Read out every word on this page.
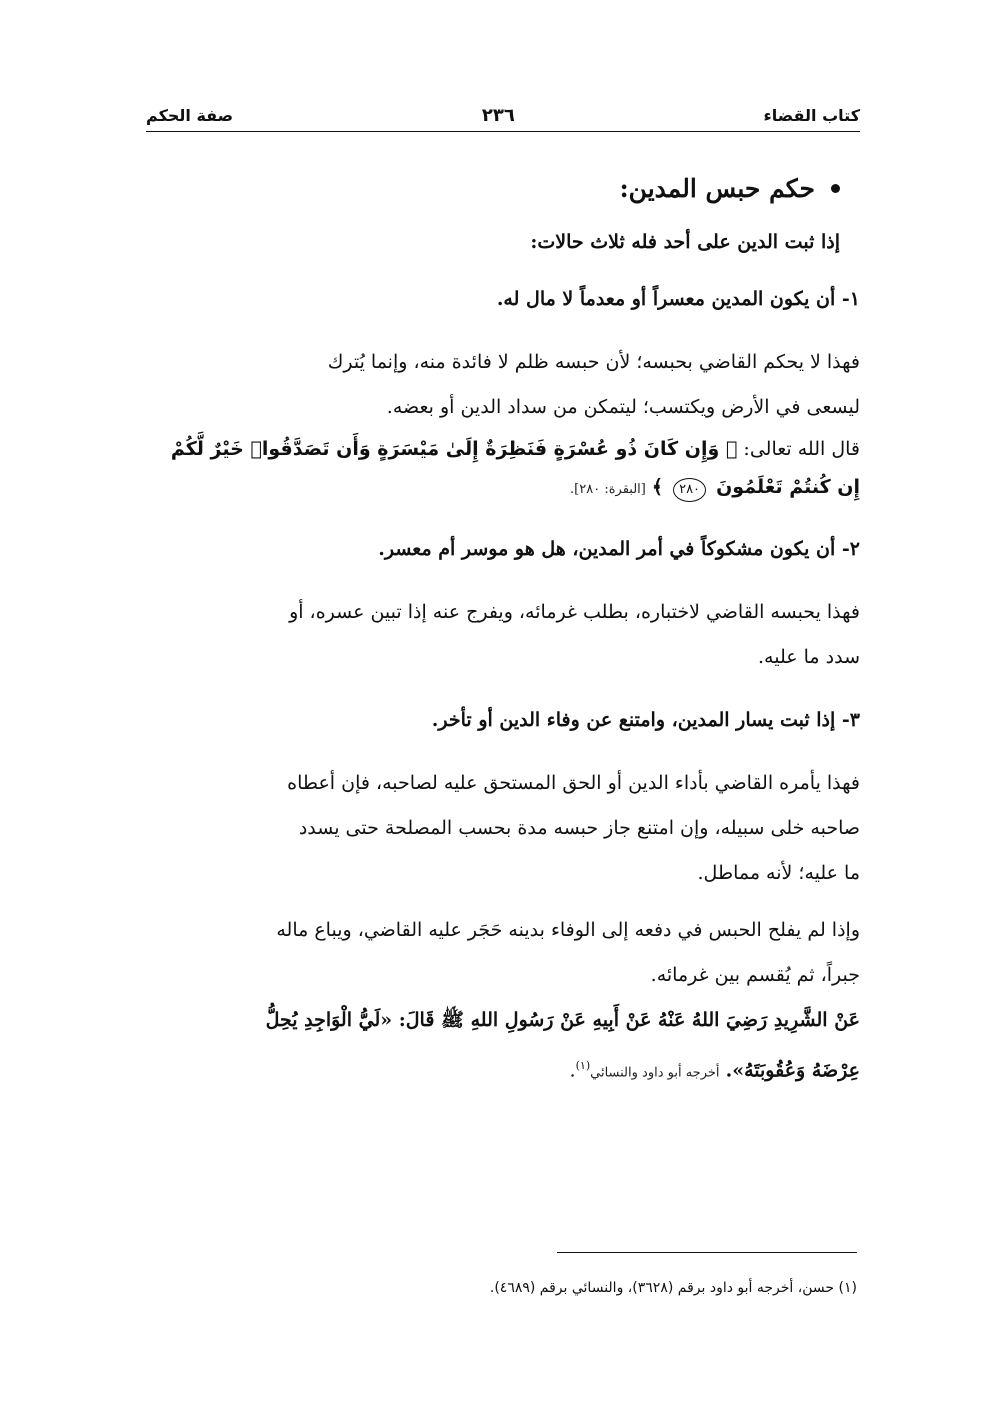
كتاب القضاء
٢٣٦
صفة الحكم
حكم حبس المدين:

إذا ثبت الدين على أحد فله ثلاث حالات:

١- أن يكون المدين معسراً أو معدماً لا مال له.

فهذا لا يحكم القاضي بحبسه؛ لأن حبسه ظلم لا فائدة منه، وإنما يُترك

ليسعى في الأرض ويكتسب؛ ليتمكن من سداد الدين أو بعضه.

قال الله تعالى: ﴿ وَإِن كَانَ ذُو عُسْرَةٍ فَنَظِرَةٌ إِلَىٰ مَيْسَرَةٍ وَأَن تَصَدَّقُوا۟ خَيْرٌ لَّكُمْ

إِن كُنتُمْ تَعْلَمُونَ ٢٨٠ ﴾ [البقرة: ٢٨٠].

٢- أن يكون مشكوكاً في أمر المدين، هل هو موسر أم معسر.

فهذا يحبسه القاضي لاختباره، بطلب غرمائه، ويفرج عنه إذا تبين عسره، أو

سدد ما عليه.

٣- إذا ثبت يسار المدين، وامتنع عن وفاء الدين أو تأخر.

فهذا يأمره القاضي بأداء الدين أو الحق المستحق عليه لصاحبه، فإن أعطاه

صاحبه خلى سبيله، وإن امتنع جاز حبسه مدة بحسب المصلحة حتى يسدد

ما عليه؛ لأنه مماطل.

وإذا لم يفلح الحبس في دفعه إلى الوفاء بدينه حَجَر عليه القاضي، ويباع ماله

جبراً، ثم يُقسم بين غرمائه.

عَنْ الشَّرِيدِ رَضِيَ اللهُ عَنْهُ عَنْ أَبِيهِ عَنْ رَسُولِ اللهِ ﷺ قَالَ: «لَيُّ الْوَاجِدِ يُحِلُّ

عِرْضَهُ وَعُقُوبَتَهُ». أخرجه أبو داود والنسائي$^{(١)}$.

(١) حسن، أخرجه أبو داود برقم (٣٦٢٨)، والنسائي برقم (٤٦٨٩).
